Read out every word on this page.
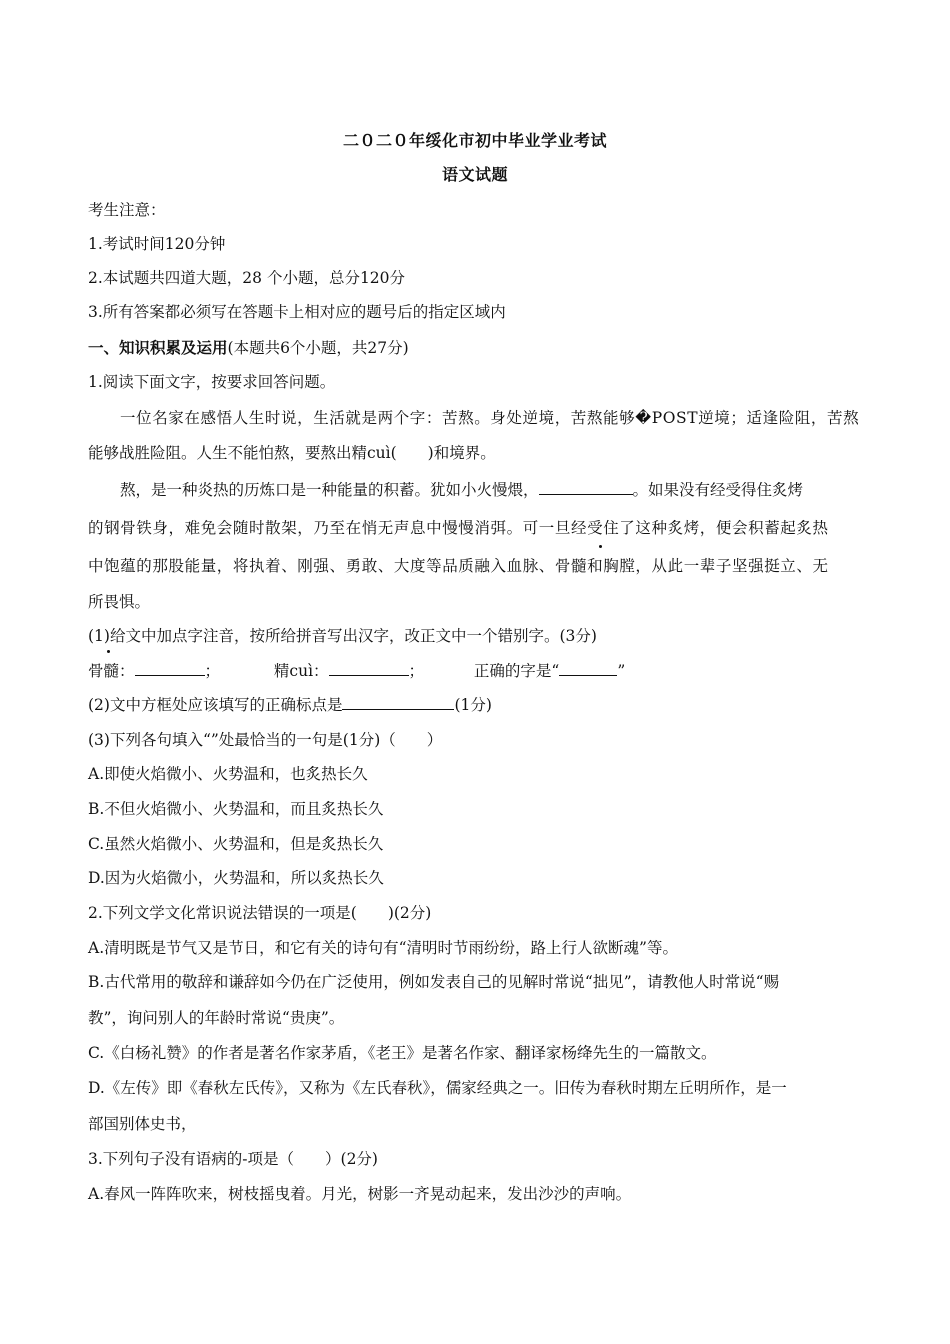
二０二０年绥化市初中毕业学业考试
语文试题
考生注意：
1.考试时间120分钟
2.本试题共四道大题，28 个小题，总分120分
3.所有答案都必须写在答题卡上相对应的题号后的指定区域内
一、知识积累及运用(本题共6个小题，共27分)
1.阅读下面文字，按要求回答问题。
一位名家在感悟人生时说，生活就是两个字：苦熬。身处逆境，苦熬能够�POST逆境；适逢险阻，苦熬
能够战胜险阻。人生不能怕熬，要熬出精cuì(　　)和境界。
熬，是一种炎热的历炼口是一种能量的积蓄。犹如小火慢煨，	。如果没有经受得住炙烤
的钢骨铁身，难免会随时散架，乃至在悄无声息中慢慢消弭。可一旦经受住了这种炙烤，便会积蓄起炙热
中饱蕴的那股能量，将执着、刚强、勇敢、大度等品质融入血脉、骨髓和胸膛，从此一辈子坚强挺立、无
所畏惧。
(1)给文中加点字注音，按所给拼音写出汉字，改正文中一个错别字。(3分)
骨髓：	；	精cuì：	；	正确的字是“	”
(2)文中方框处应该填写的正确标点是	(1分)
(3)下列各句填入“”处最恰当的一句是(1分)（　　）
A.即使火焰微小、火势温和，也炙热长久
B.不但火焰微小、火势温和，而且炙热长久
C.虽然火焰微小、火势温和，但是炙热长久
D.因为火焰微小，火势温和，所以炙热长久
2.下列文学文化常识说法错误的一项是(　　)(2分)
A.清明既是节气又是节日，和它有关的诗句有“清明时节雨纷纷，路上行人欲断魂”等。
B.古代常用的敬辞和谦辞如今仍在广泛使用，例如发表自己的见解时常说“拙见”，请教他人时常说“赐
教”，询问别人的年龄时常说“贵庚”。
C.《白杨礼赞》的作者是著名作家茅盾，《老王》是著名作家、翻译家杨绛先生的一篇散文。
D.《左传》即《春秋左氏传》，又称为《左氏春秋》，儒家经典之一。旧传为春秋时期左丘明所作，是一
部国别体史书，
3.下列句子没有语病的-项是（　　）(2分)
A.春风一阵阵吹来，树枝摇曳着。月光，树影一齐晃动起来，发出沙沙的声响。
